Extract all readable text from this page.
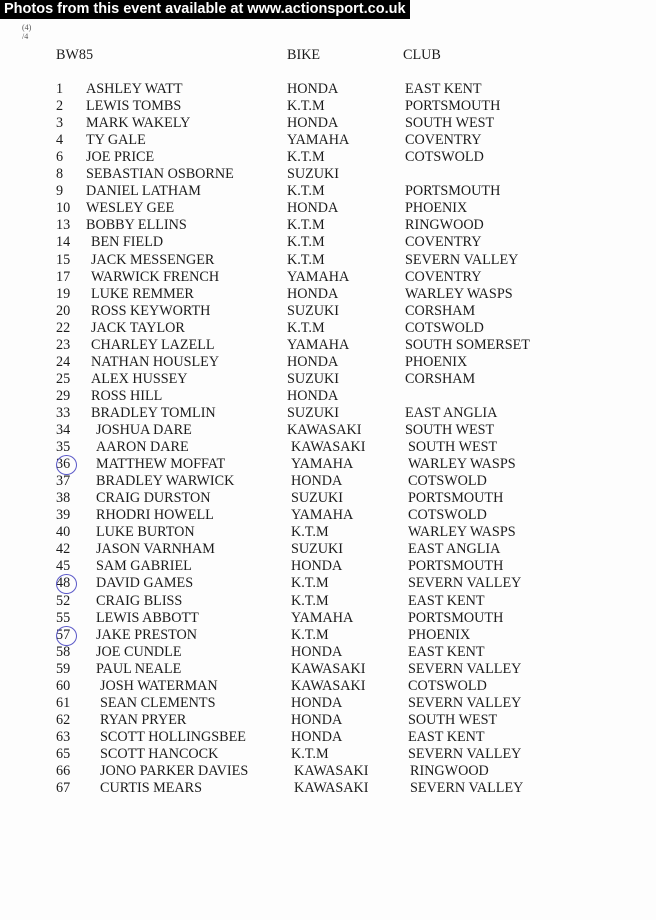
(4)
/4
BW85	BIKE	CLUB
1 ASHLEY WATT	HONDA	EAST KENT
2 LEWIS TOMBS	K.T.M	PORTSMOUTH
3 MARK WAKELY	HONDA	SOUTH WEST
4 TY GALE	YAMAHA	COVENTRY
6 JOE PRICE	K.T.M	COTSWOLD
8 SEBASTIAN OSBORNE	SUZUKI
9 DANIEL LATHAM	K.T.M	PORTSMOUTH
10 WESLEY GEE	HONDA	PHOENIX
13 BOBBY ELLINS	K.T.M	RINGWOOD
14 BEN FIELD	K.T.M	COVENTRY
15 JACK MESSENGER	K.T.M	SEVERN VALLEY
17 WARWICK FRENCH	YAMAHA	COVENTRY
19 LUKE REMMER	HONDA	WARLEY WASPS
20 ROSS KEYWORTH	SUZUKI	CORSHAM
22 JACK TAYLOR	K.T.M	COTSWOLD
23 CHARLEY LAZELL	YAMAHA	SOUTH SOMERSET
24 NATHAN HOUSLEY	HONDA	PHOENIX
25 ALEX HUSSEY	SUZUKI	CORSHAM
29 ROSS HILL	HONDA
33 BRADLEY TOMLIN	SUZUKI	EAST ANGLIA
34 JOSHUA DARE	KAWASAKI	SOUTH WEST
35 AARON DARE	KAWASAKI	SOUTH WEST
36 MATTHEW MOFFAT	YAMAHA	WARLEY WASPS
37 BRADLEY WARWICK	HONDA	COTSWOLD
38 CRAIG DURSTON	SUZUKI	PORTSMOUTH
39 RHODRI HOWELL	YAMAHA	COTSWOLD
40 LUKE BURTON	K.T.M	WARLEY WASPS
42 JASON VARNHAM	SUZUKI	EAST ANGLIA
45 SAM GABRIEL	HONDA	PORTSMOUTH
48 DAVID GAMES	K.T.M	SEVERN VALLEY
52 CRAIG BLISS	K.T.M	EAST KENT
55 LEWIS ABBOTT	YAMAHA	PORTSMOUTH
57 JAKE PRESTON	K.T.M	PHOENIX
58 JOE CUNDLE	HONDA	EAST KENT
59 PAUL NEALE	KAWASAKI	SEVERN VALLEY
60 JOSH WATERMAN	KAWASAKI	COTSWOLD
61 SEAN CLEMENTS	HONDA	SEVERN VALLEY
62 RYAN PRYER	HONDA	SOUTH WEST
63 SCOTT HOLLINGSBEE	HONDA	EAST KENT
65 SCOTT HANCOCK	K.T.M	SEVERN VALLEY
66 JONO PARKER DAVIES	KAWASAKI	RINGWOOD
67 CURTIS MEARS	KAWASAKI	SEVERN VALLEY
Photos from this event available at www.actionsport.co.uk
